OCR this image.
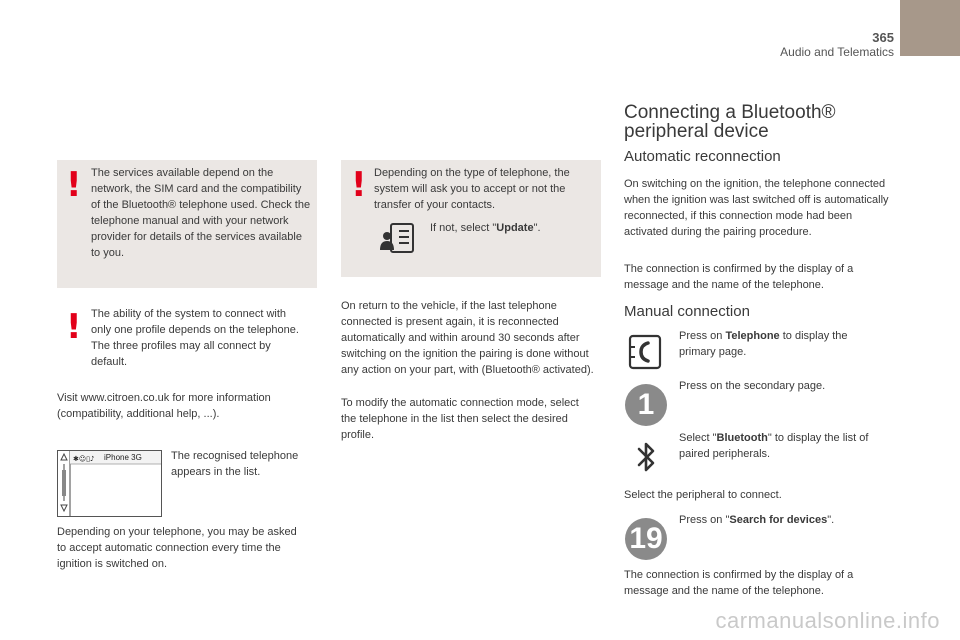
365
Audio and Telematics
! The services available depend on the network, the SIM card and the compatibility of the Bluetooth® telephone used. Check the telephone manual and with your network provider for details of the services available to you.
! The ability of the system to connect with only one profile depends on the telephone. The three profiles may all connect by default.
Visit www.citroen.co.uk for more information (compatibility, additional help, ...).
✱☺▯♪ iPhone 3G	The recognised telephone appears in the list.
Depending on your telephone, you may be asked to accept automatic connection every time the ignition is switched on.
! Depending on the type of telephone, the system will ask you to accept or not the transfer of your contacts.
If not, select "Update".
On return to the vehicle, if the last telephone connected is present again, it is reconnected automatically and within around 30 seconds after switching on the ignition the pairing is done without any action on your part, with (Bluetooth® activated).
To modify the automatic connection mode, select the telephone in the list then select the desired profile.
Connecting a Bluetooth®
peripheral device
Automatic reconnection
On switching on the ignition, the telephone connected when the ignition was last switched off is automatically reconnected, if this connection mode had been activated during the pairing procedure.
The connection is confirmed by the display of a message and the name of the telephone.
Manual connection
Press on Telephone to display the primary page.
1
Press on the secondary page.
Select "Bluetooth" to display the list of paired peripherals.
Select the peripheral to connect.
19
Press on "Search for devices".
The connection is confirmed by the display of a message and the name of the telephone.
carmanualsonline.info
